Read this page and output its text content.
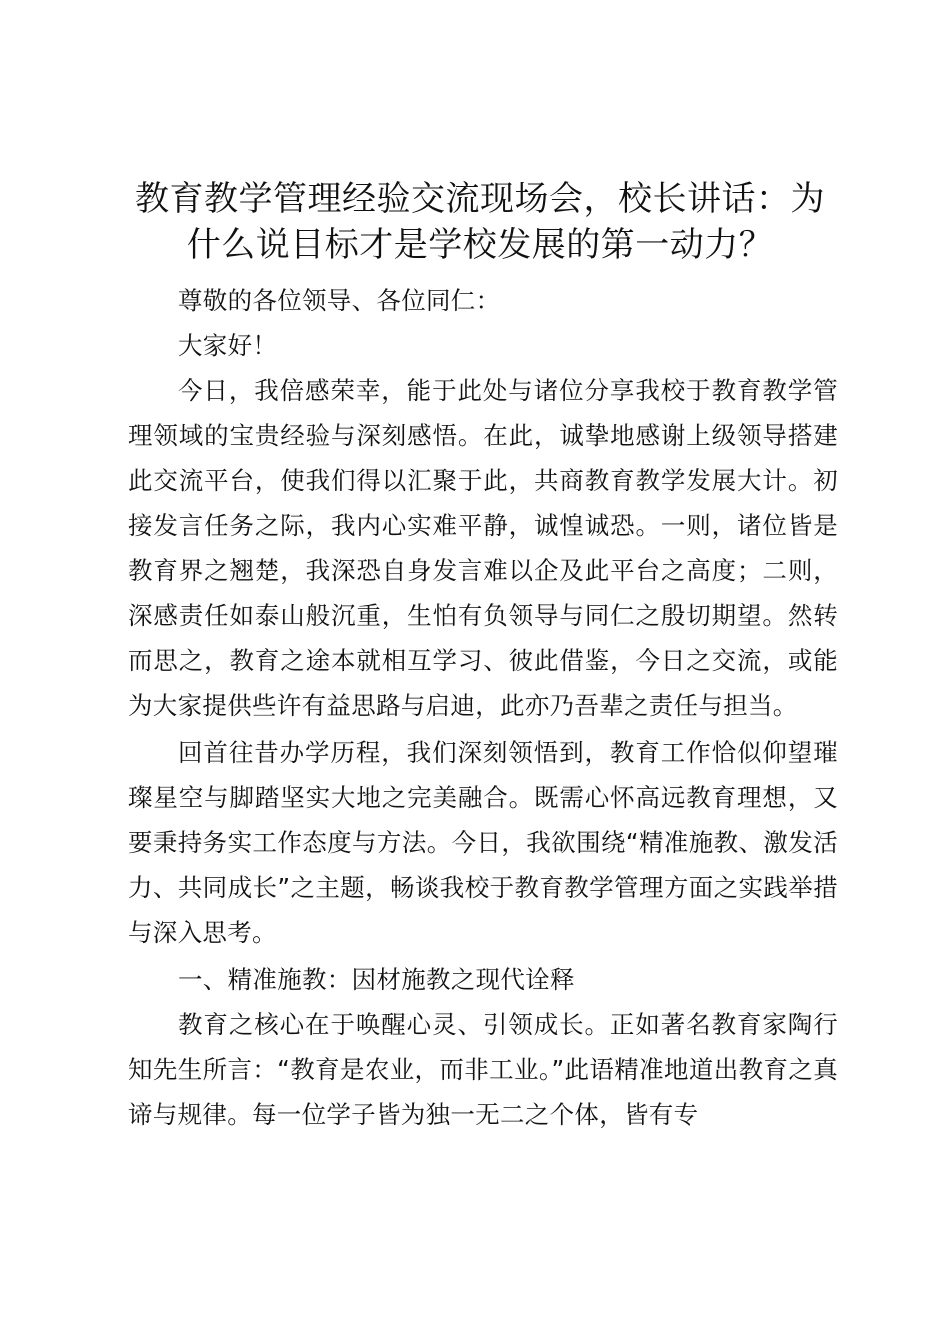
教育教学管理经验交流现场会，校长讲话：为
什么说目标才是学校发展的第一动力？

尊敬的各位领导、各位同仁：

大家好！

今日，我倍感荣幸，能于此处与诸位分享我校于教育教学管理领域的宝贵经验与深刻感悟。在此，诚挚地感谢上级领导搭建此交流平台，使我们得以汇聚于此，共商教育教学发展大计。初接发言任务之际，我内心实难平静，诚惶诚恐。一则，诸位皆是教育界之翘楚，我深恐自身发言难以企及此平台之高度；二则，深感责任如泰山般沉重，生怕有负领导与同仁之殷切期望。然转而思之，教育之途本就相互学习、彼此借鉴，今日之交流，或能为大家提供些许有益思路与启迪，此亦乃吾辈之责任与担当。

回首往昔办学历程，我们深刻领悟到，教育工作恰似仰望璀璨星空与脚踏坚实大地之完美融合。既需心怀高远教育理想，又要秉持务实工作态度与方法。今日，我欲围绕“精准施教、激发活力、共同成长”之主题，畅谈我校于教育教学管理方面之实践举措与深入思考。

一、精准施教：因材施教之现代诠释

教育之核心在于唤醒心灵、引领成长。正如著名教育家陶行知先生所言：“教育是农业，而非工业。”此语精准地道出教育之真谛与规律。每一位学子皆为独一无二之个体，皆有专
